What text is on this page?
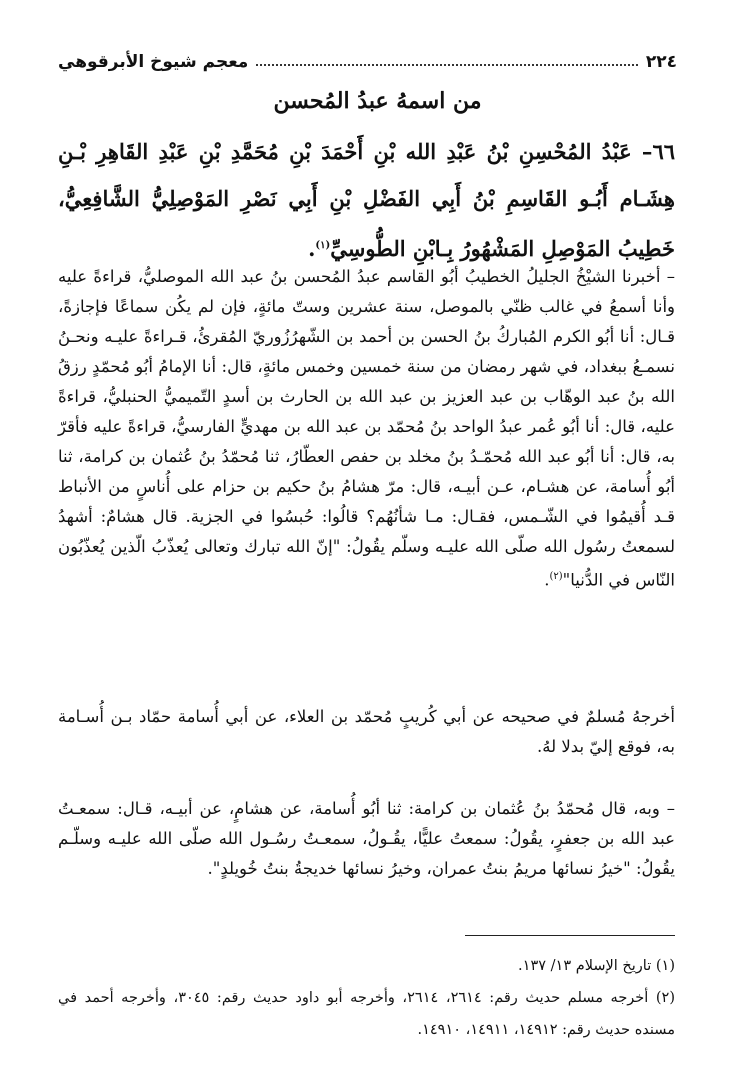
٢٢٤
معجم شيوخ الأبرقوهي
من اسمهُ عبدُ المُحسن
٦٦– عَبْدُ المُحْسِنِ بْنُ عَبْدِ الله بْنِ أَحْمَدَ بْنِ مُحَمَّدِ بْنِ عَبْدِ القَاهِرِ بْـنِ هِشَـام أَبُـو القَاسِمِ بْنُ أَبِي الفَضْلِ بْنِ أَبِي نَصْرِ المَوْصِلِيُّ الشَّافِعِيُّ، خَطِيبُ المَوْصِلِ المَشْهُورُ بِـابْنِ الطُّوسِيِّ$^{(١)}$.
– أخبرنا الشيْخُ الجليلُ الخطيبُ أبُو القاسم عبدُ المُحسن بنُ عبد الله الموصليُّ، قراءةً عليه وأنا أسمعُ في غالب ظنّي بالموصل، سنة عشرين وستّ مائةٍ، فإن لم يكُن سماعًا فإجازةً، قـال: أنا أبُو الكرم المُباركُ بنُ الحسن بن أحمد بن الشّهرُزُوريّ المُقرئُ، قـراءةً عليـه ونحـنُ نسمـعُ ببغداد، في شهر رمضان من سنة خمسين وخمس مائةٍ، قال: أنا الإمامُ أبُو مُحمّدٍ رزقُ الله بنُ عبد الوهّاب بن عبد العزيز بن عبد الله بن الحارث بن أسدٍ التّميميُّ الحنبليُّ، قراءةً عليه، قال: أنا أبُو عُمر عبدُ الواحد بنُ مُحمّد بن عبد الله بن مهديٍّ الفارسيُّ، قراءةً عليه فأقرّ به، قال: أنا أبُو عبد الله مُحمّـدُ بنُ مخلد بن حفص العطّارُ، ثنا مُحمّدُ بنُ عُثمان بن كرامة، ثنا أبُو أُسامة، عن هشـام، عـن أبيـه، قال: مرّ هشامُ بنُ حكيم بن حزام على أُناسٍ من الأنباط قـد أُقيمُوا في الشّـمس، فقـال: مـا شأنُهُم؟ قالُوا: حُبسُوا في الجزية. قال هشامٌ: أشهدُ لسمعتُ رسُول الله صلّى الله عليـه وسلّم يقُولُ: "إنّ الله تبارك وتعالى يُعذّبُ الّذين يُعذّبُون النّاس في الدُّنيا"$^{(٢)}$.
أخرجهُ مُسلمٌ في صحيحه عن أبي كُريبٍ مُحمّد بن العلاء، عن أبي أُسامة حمّاد بـن أُسـامة به، فوقع إليّ بدلا لهُ.
– وبه، قال مُحمّدُ بنُ عُثمان بن كرامة: ثنا أبُو أُسامة، عن هشامٍ، عن أبيـه، قـال: سمعـتُ عبد الله بن جعفرٍ، يقُولُ: سمعتُ عليًّا، يقُـولُ، سمعـتُ رسُـول الله صلّى الله عليـه وسلّـم يقُولُ: "خيرُ نسائها مريمُ بنتُ عمران، وخيرُ نسائها خديجةُ بنتُ خُويلدٍ".
(١) تاريخ الإسلام ١٣/ ١٣٧.
(٢) أخرجه مسلم حديث رقم: ٢٦١٤، ٢٦١٤، وأخرجه أبو داود حديث رقم: ٣٠٤٥، وأخرجه أحمد في مسنده حديث رقم: ١٤٩١٢، ١٤٩١١، ١٤٩١٠.
